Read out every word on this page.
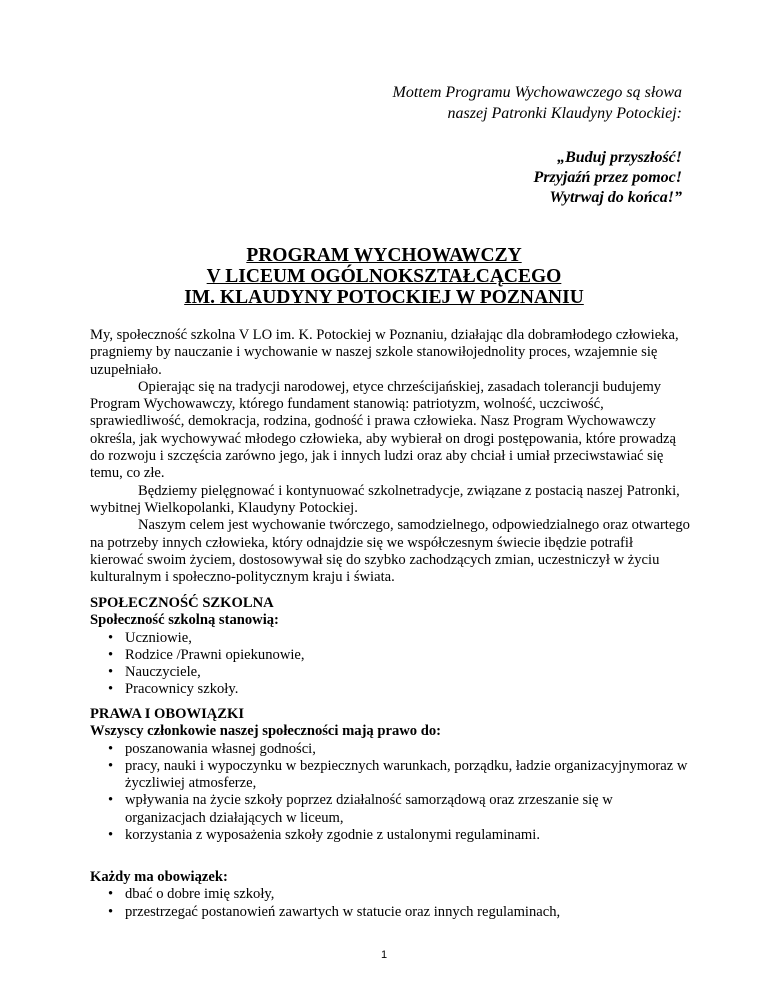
Mottem Programu Wychowawczego są słowa
naszej Patronki Klaudyny Potockiej:
„Buduj przyszłość!
Przyjaźń przez pomoc!
Wytrwaj do końca!”
PROGRAM WYCHOWAWCZY
V LICEUM OGÓLNOKSZTAŁCĄCEGO
IM. KLAUDYNY POTOCKIEJ W POZNANIU

My, społeczność szkolna V LO im. K. Potockiej w Poznaniu, działając dla dobramłodego człowieka, pragniemy by nauczanie i wychowanie w naszej szkole stanowiłojednolity proces, wzajemnie się uzupełniało.

Opierając się na tradycji narodowej, etyce chrześcijańskiej, zasadach tolerancji budujemy Program Wychowawczy, którego fundament stanowią: patriotyzm, wolność, uczciwość, sprawiedliwość, demokracja, rodzina, godność i prawa człowieka. Nasz Program Wychowawczy określa, jak wychowywać młodego człowieka, aby wybierał on drogi postępowania, które prowadzą do rozwoju i szczęścia zarówno jego, jak i innych ludzi oraz aby chciał i umiał przeciwstawiać się temu, co złe.

Będziemy pielęgnować i kontynuować szkolnetradycje, związane z postacią naszej Patronki, wybitnej Wielkopolanki, Klaudyny Potockiej.

Naszym celem jest wychowanie twórczego, samodzielnego, odpowiedzialnego oraz otwartego na potrzeby innych człowieka, który odnajdzie się we współczesnym świecie ibędzie potrafił kierować swoim życiem, dostosowywał się do szybko zachodzących zmian, uczestniczył w życiu kulturalnym i społeczno-politycznym kraju i świata.

SPOŁECZNOŚĆ SZKOLNA

Społeczność szkolną stanowią:

• Uczniowie,
• Rodzice /Prawni opiekunowie,
• Nauczyciele,
• Pracownicy szkoły.

PRAWA I OBOWIĄZKI

Wszyscy członkowie naszej społeczności mają prawo do:

• poszanowania własnej godności,
• pracy, nauki i wypoczynku w bezpiecznych warunkach, porządku, ładzie organizacyjnymoraz w życzliwiej atmosferze,
• wpływania na życie szkoły poprzez działalność samorządową oraz zrzeszanie się w organizacjach działających w liceum,
• korzystania z wyposażenia szkoły zgodnie z ustalonymi regulaminami.

Każdy ma obowiązek:

• dbać o dobre imię szkoły,
• przestrzegać postanowień zawartych w statucie oraz innych regulaminach,
1
